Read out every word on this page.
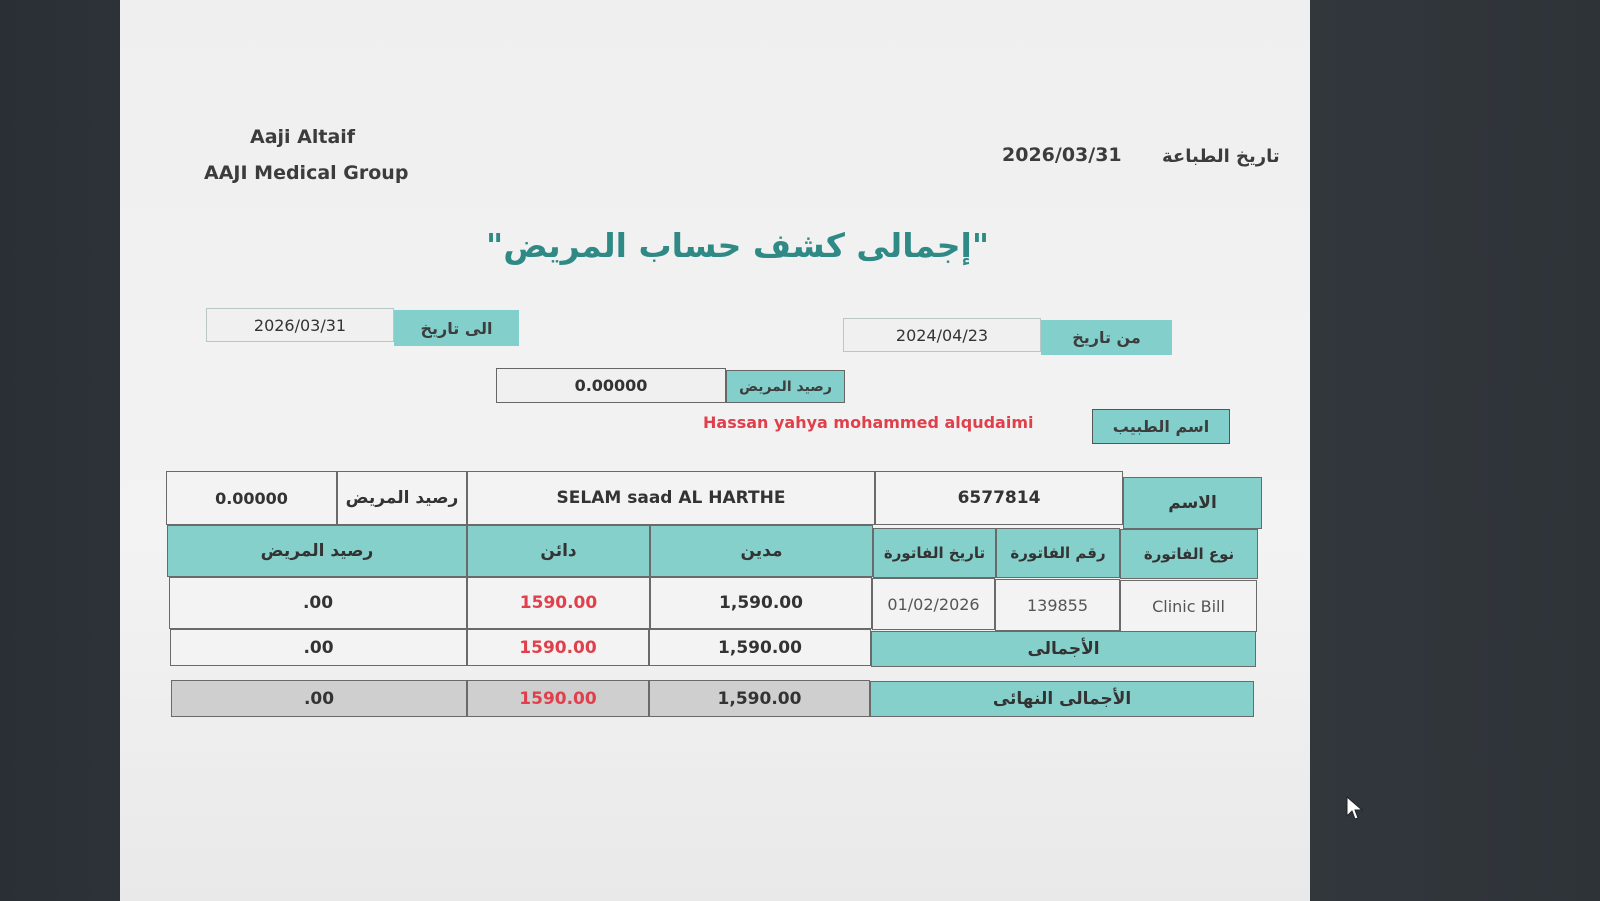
Aaji Altaif
AAJI Medical Group
2026/03/31 تاريخ الطباعة
"إجمالى كشف حساب المريض"
2026/03/31	الى تاريخ	2024/04/23	من تاريخ
0.00000	رصيد المريض
Hassan yahya mohammed alqudaimi	اسم الطبيب
0.00000	رصيد المريض	SELAM saad AL HARTHE	6577814	الاسم
رصيد المريض	دائن	مدين	تاريخ الفاتورة	رقم الفاتورة	نوع الفاتورة
.00	1590.00	1,590.00	01/02/2026	139855	Clinic Bill
.00	1590.00	1,590.00	الأجمالى
.00	1590.00	1,590.00	الأجمالى النهائى
